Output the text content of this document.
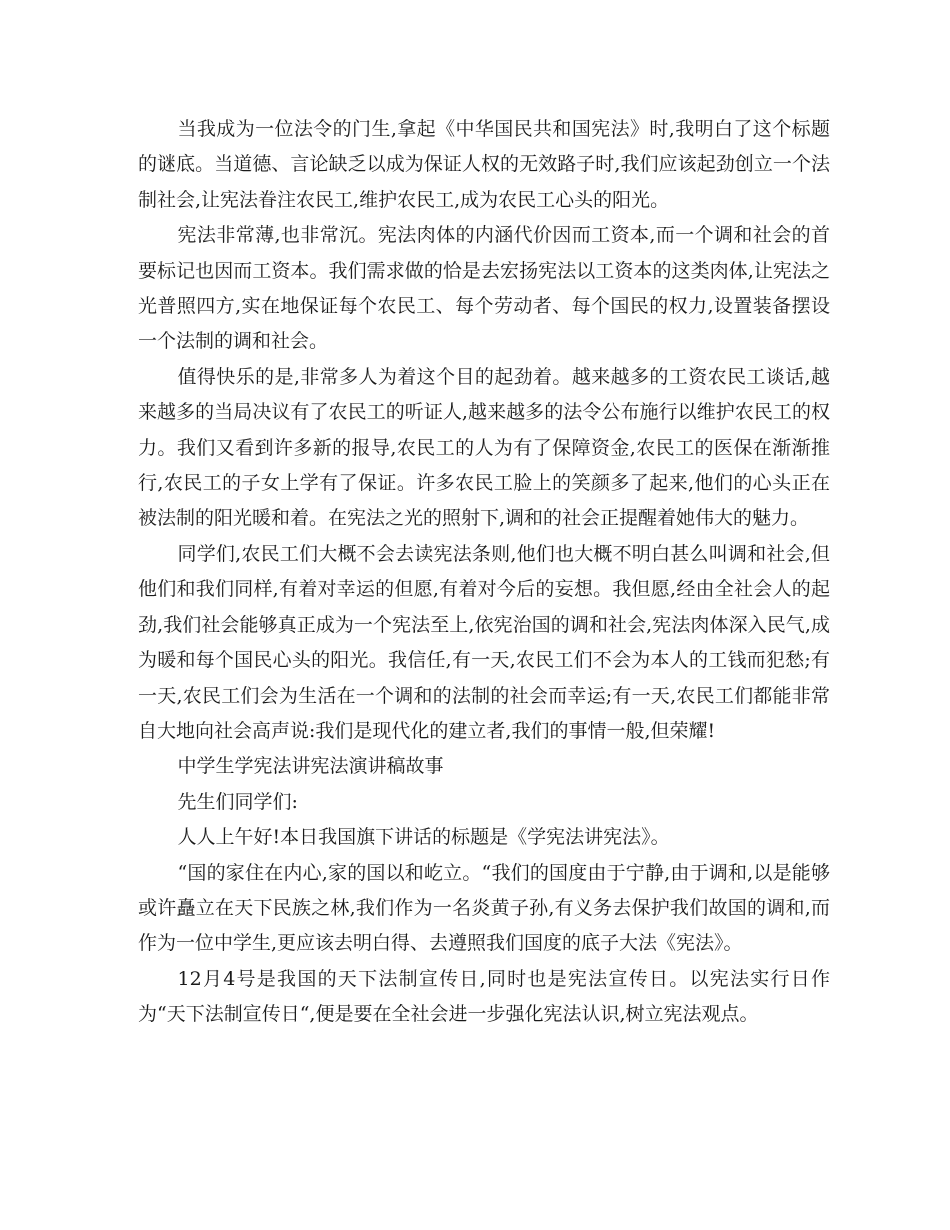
当我成为一位法令的门生,拿起《中华国民共和国宪法》时,我明白了这个标题的谜底。当道德、言论缺乏以成为保证人权的无效路子时,我们应该起劲创立一个法制社会,让宪法眷注农民工,维护农民工,成为农民工心头的阳光。

宪法非常薄,也非常沉。宪法肉体的内涵代价因而工资本,而一个调和社会的首要标记也因而工资本。我们需求做的恰是去宏扬宪法以工资本的这类肉体,让宪法之光普照四方,实在地保证每个农民工、每个劳动者、每个国民的权力,设置装备摆设一个法制的调和社会。

值得快乐的是,非常多人为着这个目的起劲着。越来越多的工资农民工谈话,越来越多的当局决议有了农民工的听证人,越来越多的法令公布施行以维护农民工的权力。我们又看到许多新的报导,农民工的人为有了保障资金,农民工的医保在渐渐推行,农民工的子女上学有了保证。许多农民工脸上的笑颜多了起来,他们的心头正在被法制的阳光暖和着。在宪法之光的照射下,调和的社会正提醒着她伟大的魅力。

同学们,农民工们大概不会去读宪法条则,他们也大概不明白甚么叫调和社会,但他们和我们同样,有着对幸运的但愿,有着对今后的妄想。我但愿,经由全社会人的起劲,我们社会能够真正成为一个宪法至上,依宪治国的调和社会,宪法肉体深入民气,成为暖和每个国民心头的阳光。我信任,有一天,农民工们不会为本人的工钱而犯愁;有一天,农民工们会为生活在一个调和的法制的社会而幸运;有一天,农民工们都能非常自大地向社会高声说:我们是现代化的建立者,我们的事情一般,但荣耀!

中学生学宪法讲宪法演讲稿故事

先生们同学们:

人人上午好!本日我国旗下讲话的标题是《学宪法讲宪法》。

“国的家住在内心,家的国以和屹立。“我们的国度由于宁静,由于调和,以是能够或许矗立在天下民族之林,我们作为一名炎黄子孙,有义务去保护我们故国的调和,而作为一位中学生,更应该去明白得、去遵照我们国度的底子大法《宪法》。

12月4号是我国的天下法制宣传日,同时也是宪法宣传日。以宪法实行日作为“天下法制宣传日“,便是要在全社会进一步强化宪法认识,树立宪法观点。
